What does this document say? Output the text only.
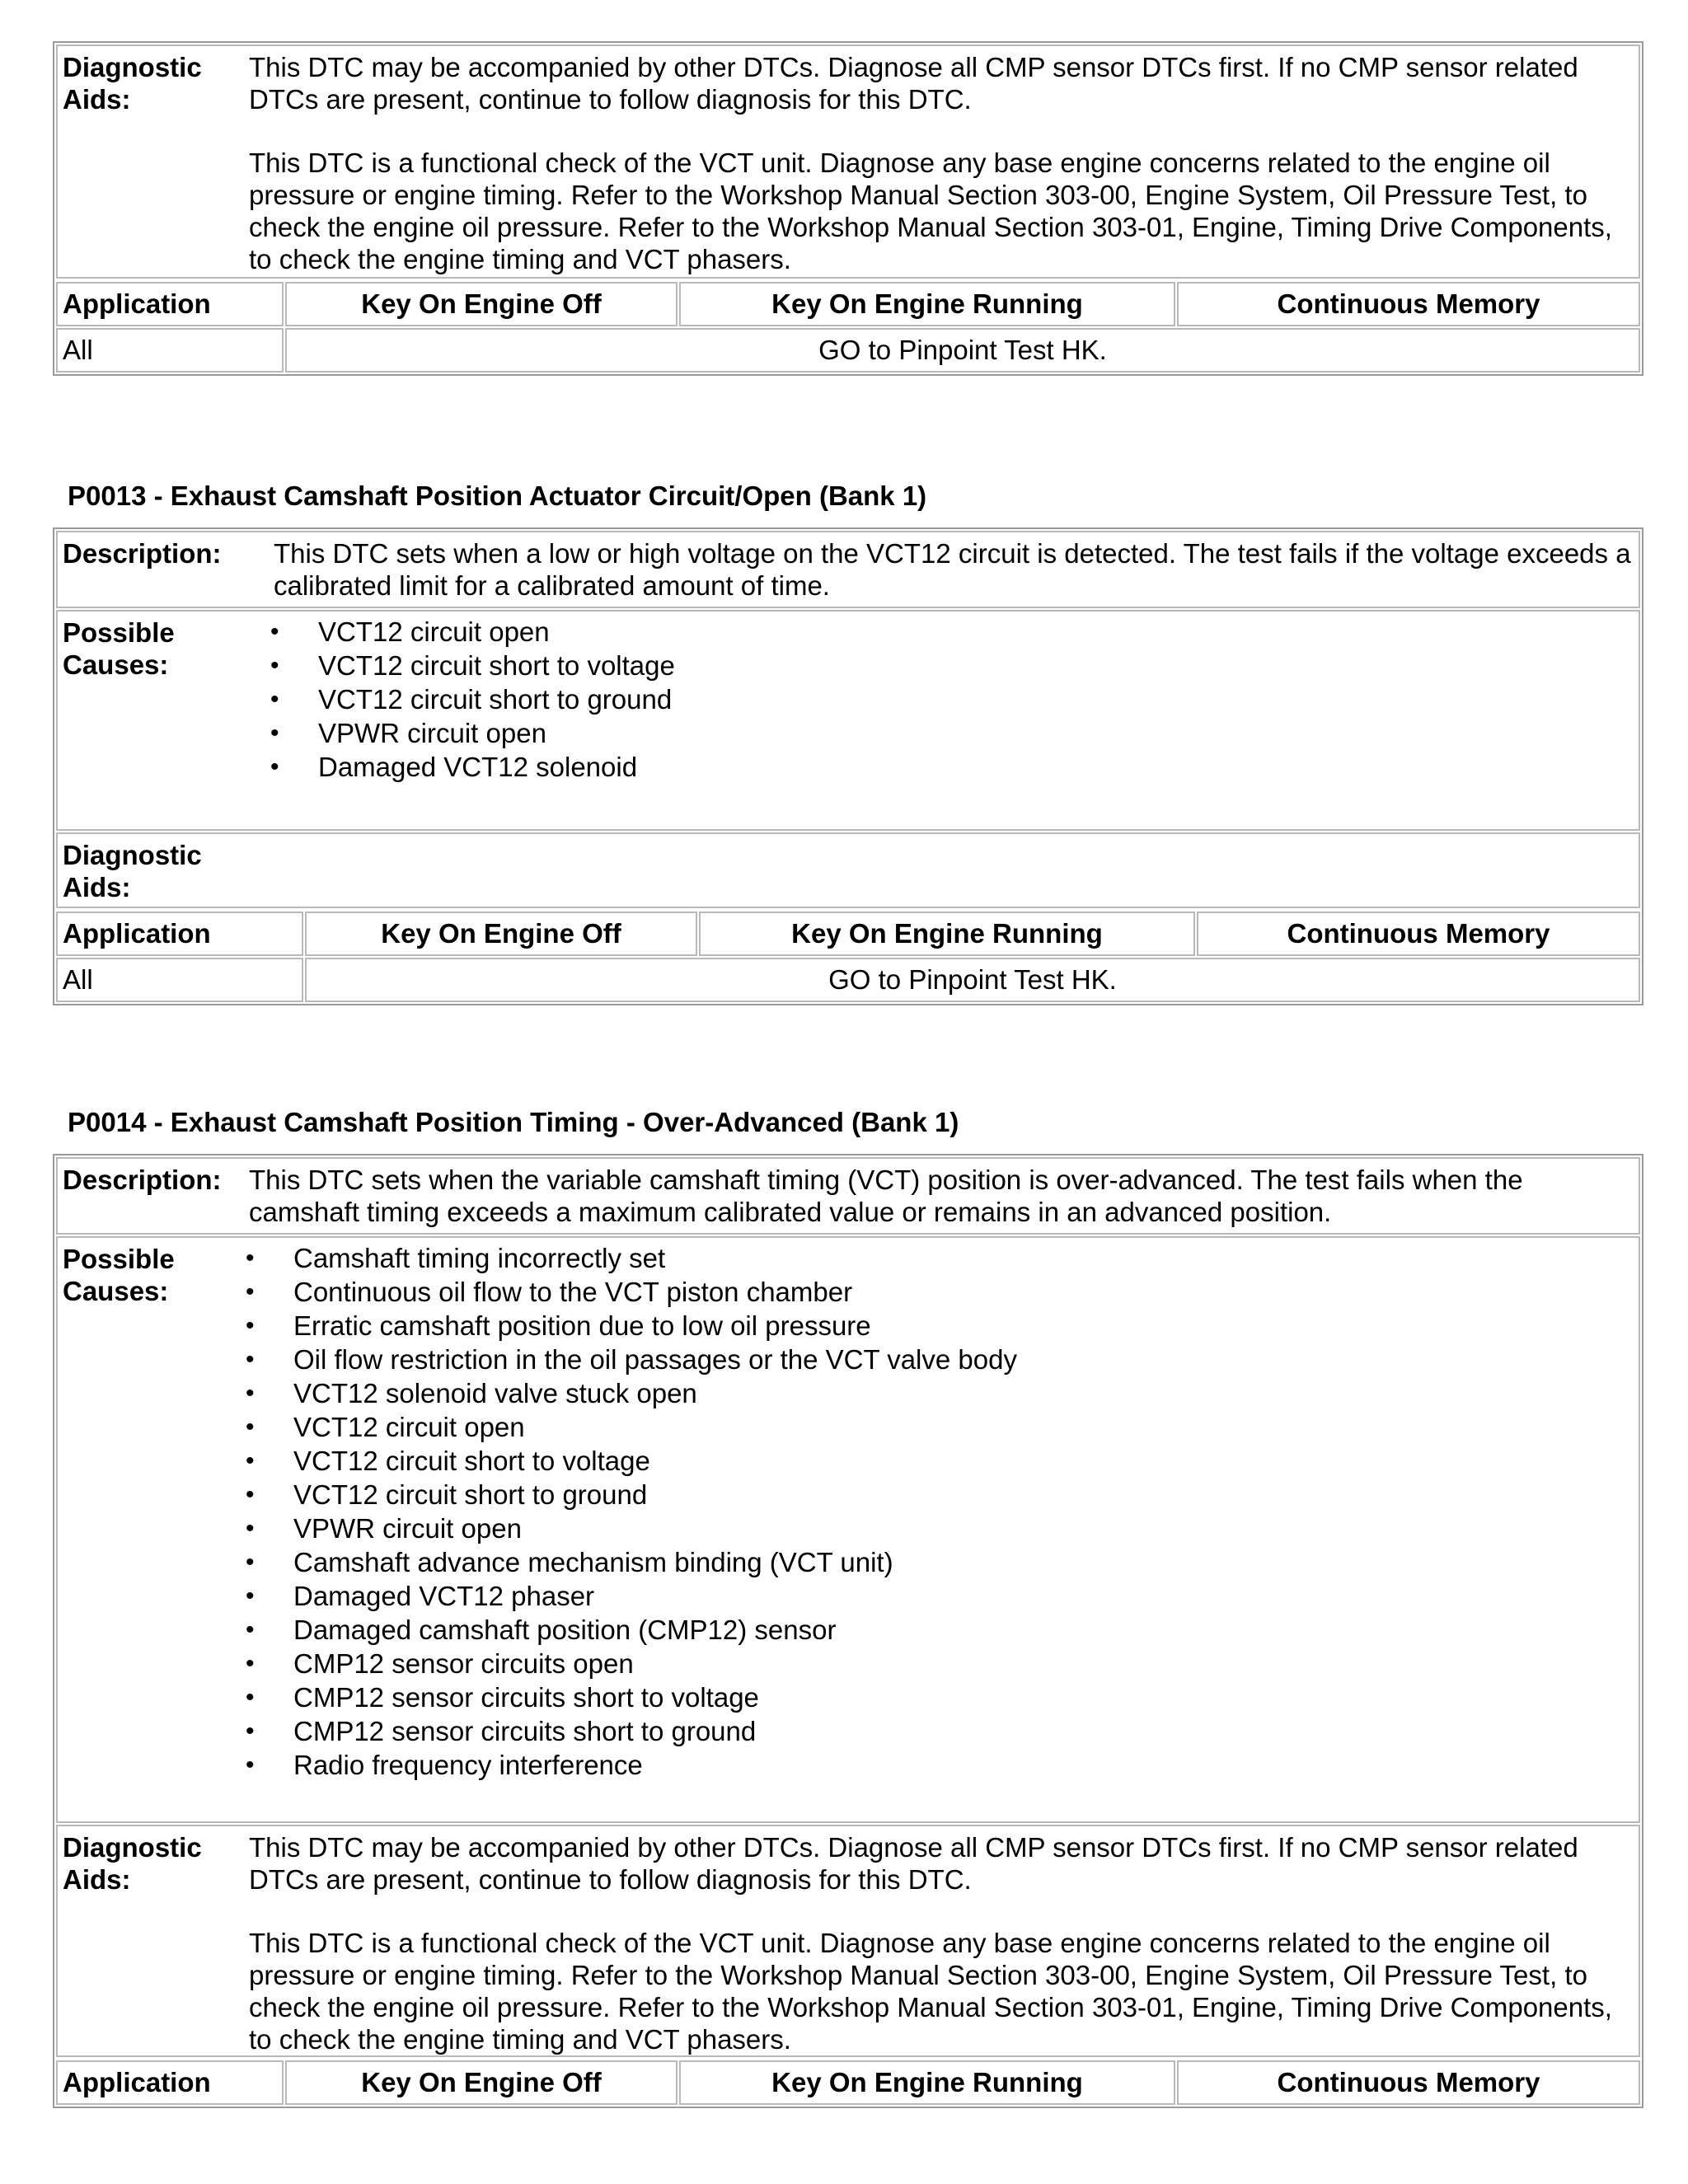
Diagnostic Aids:

This DTC may be accompanied by other DTCs. Diagnose all CMP sensor DTCs first. If no CMP sensor related DTCs are present, continue to follow diagnosis for this DTC.

This DTC is a functional check of the VCT unit. Diagnose any base engine concerns related to the engine oil pressure or engine timing. Refer to the Workshop Manual Section 303-00, Engine System, Oil Pressure Test, to check the engine oil pressure. Refer to the Workshop Manual Section 303-01, Engine, Timing Drive Components, to check the engine timing and VCT phasers.

Application	Key On Engine Off	Key On Engine Running	Continuous Memory
All	GO to Pinpoint Test HK.
P0013 - Exhaust Camshaft Position Actuator Circuit/Open (Bank 1)
Description:	This DTC sets when a low or high voltage on the VCT12 circuit is detected. The test fails if the voltage exceeds a calibrated limit for a calibrated amount of time.

Possible Causes:
• VCT12 circuit open
• VCT12 circuit short to voltage
• VCT12 circuit short to ground
• VPWR circuit open
• Damaged VCT12 solenoid

Diagnostic Aids:

Application	Key On Engine Off	Key On Engine Running	Continuous Memory
All	GO to Pinpoint Test HK.
P0014 - Exhaust Camshaft Position Timing - Over-Advanced (Bank 1)
Description:	This DTC sets when the variable camshaft timing (VCT) position is over-advanced. The test fails when the camshaft timing exceeds a maximum calibrated value or remains in an advanced position.

Possible Causes:
• Camshaft timing incorrectly set
• Continuous oil flow to the VCT piston chamber
• Erratic camshaft position due to low oil pressure
• Oil flow restriction in the oil passages or the VCT valve body
• VCT12 solenoid valve stuck open
• VCT12 circuit open
• VCT12 circuit short to voltage
• VCT12 circuit short to ground
• VPWR circuit open
• Camshaft advance mechanism binding (VCT unit)
• Damaged VCT12 phaser
• Damaged camshaft position (CMP12) sensor
• CMP12 sensor circuits open
• CMP12 sensor circuits short to voltage
• CMP12 sensor circuits short to ground
• Radio frequency interference

Diagnostic Aids:

This DTC may be accompanied by other DTCs. Diagnose all CMP sensor DTCs first. If no CMP sensor related DTCs are present, continue to follow diagnosis for this DTC.

This DTC is a functional check of the VCT unit. Diagnose any base engine concerns related to the engine oil pressure or engine timing. Refer to the Workshop Manual Section 303-00, Engine System, Oil Pressure Test, to check the engine oil pressure. Refer to the Workshop Manual Section 303-01, Engine, Timing Drive Components, to check the engine timing and VCT phasers.

Application	Key On Engine Off	Key On Engine Running	Continuous Memory
